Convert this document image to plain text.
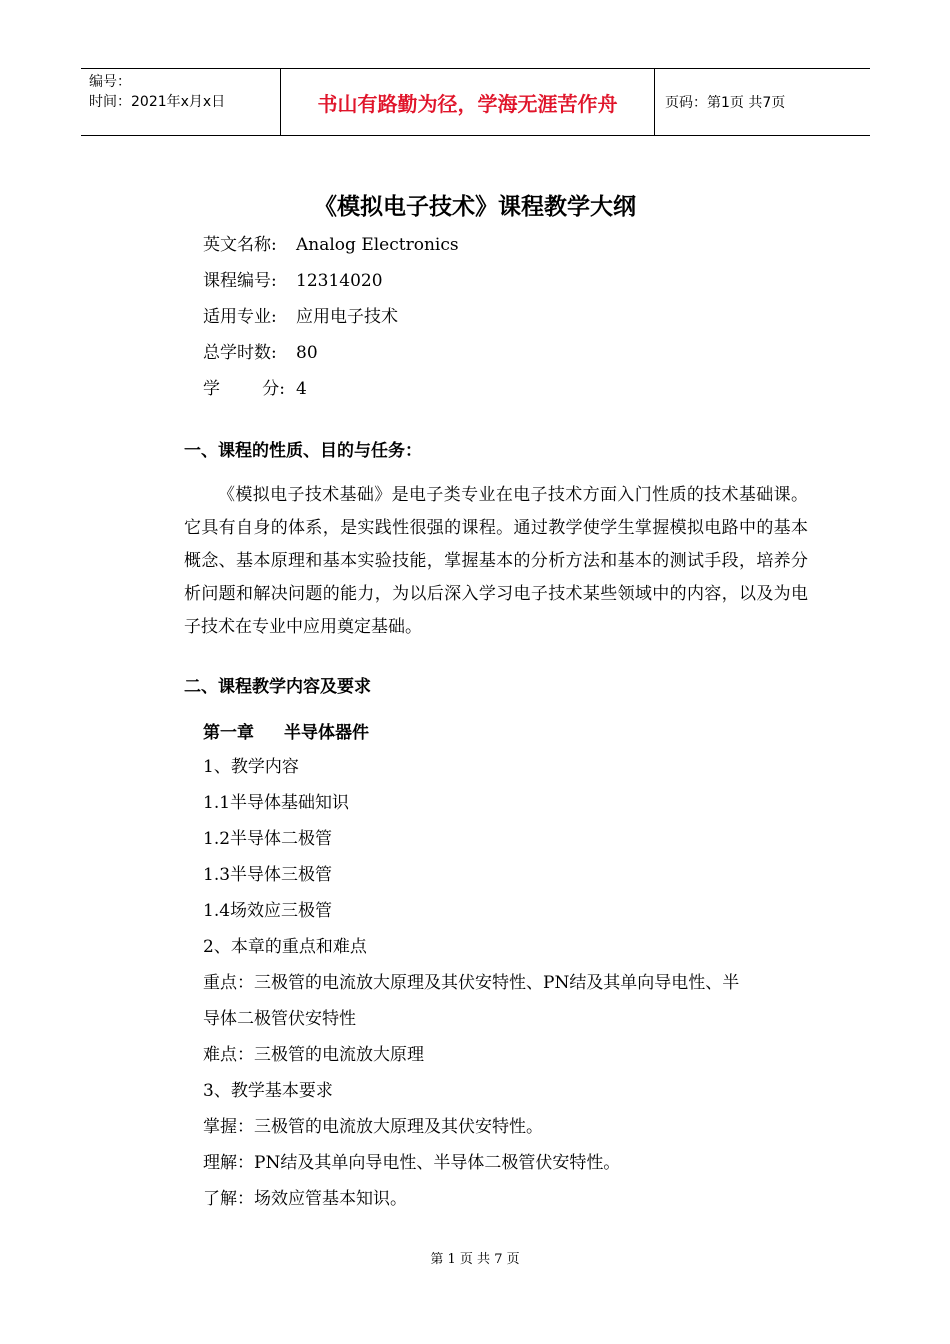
编号：
时间：2021年x月x日	书山有路勤为径，学海无涯苦作舟	页码：第1页 共7页
《模拟电子技术》课程教学大纲
英文名称:	Analog Electronics
课程编号:	12314020
适用专业:	应用电子技术
总学时数:	80
学 分: 4
一、课程的性质、目的与任务：
《模拟电子技术基础》是电子类专业在电子技术方面入门性质的技术基础课。它具有自身的体系，是实践性很强的课程。通过教学使学生掌握模拟电路中的基本概念、基本原理和基本实验技能，掌握基本的分析方法和基本的测试手段，培养分析问题和解决问题的能力，为以后深入学习电子技术某些领域中的内容，以及为电子技术在专业中应用奠定基础。
二、课程教学内容及要求
第一章 半导体器件
1、教学内容
1.1半导体基础知识
1.2半导体二极管
1.3半导体三极管
1.4场效应三极管
2、本章的重点和难点
重点：三极管的电流放大原理及其伏安特性、PN结及其单向导电性、半
导体二极管伏安特性
难点：三极管的电流放大原理
3、教学基本要求
掌握：三极管的电流放大原理及其伏安特性。
理解：PN结及其单向导电性、半导体二极管伏安特性。
了解：场效应管基本知识。
第 1 页 共 7 页
